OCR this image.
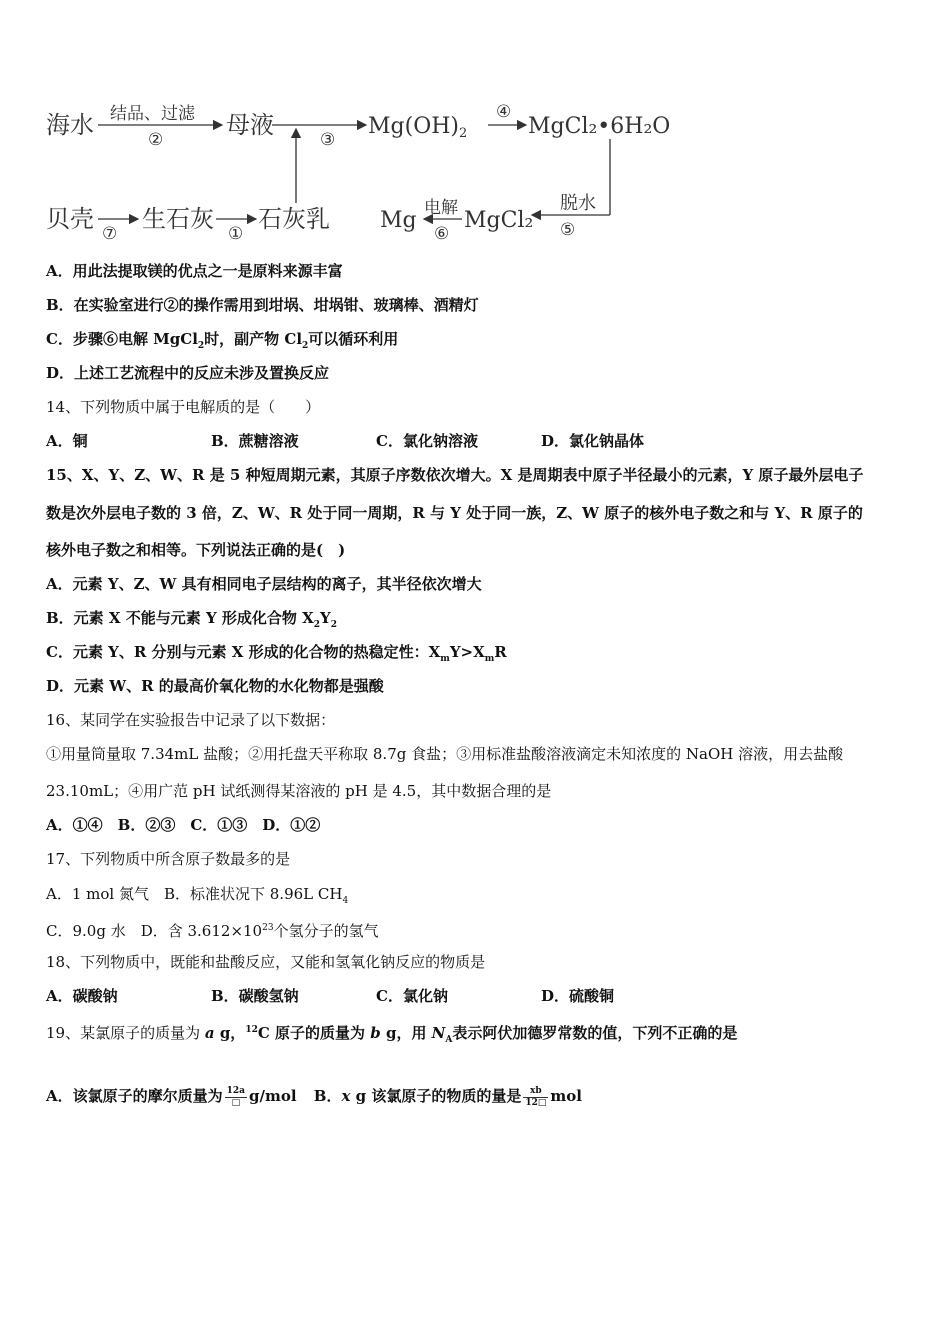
海水 结品、过滤
②
母液
③
Mg(OH)2
④
MgCl₂•6H₂O
脱水
⑤
贝壳
⑦
生石灰
①
石灰乳 Mg 电解
⑥
MgCl₂
A．用此法提取镁的优点之一是原料来源丰富
B．在实验室进行②的操作需用到坩埚、坩埚钳、玻璃棒、酒精灯
C．步骤⑥电解 MgCl$_2$时，副产物 $Cl_2$可以循环利用
D．上述工艺流程中的反应未涉及置换反应
14、下列物质中属于电解质的是（　　）
A．铜	B．蔗糖溶液	C．氯化钠溶液	D．氯化钠晶体
15、X、Y、Z、W、R 是 5 种短周期元素，其原子序数依次增大。X 是周期表中原子半径最小的元素，Y 原子最外层电子
数是次外层电子数的 3 倍，Z、W、R 处于同一周期，R 与 Y 处于同一族，Z、W 原子的核外电子数之和与 Y、R 原子的
核外电子数之和相等。下列说法正确的是(　)
A．元素 Y、Z、W 具有相同电子层结构的离子，其半径依次增大
B．元素 X 不能与元素 Y 形成化合物 $X_2Y_2$
C．元素 Y、R 分别与元素 X 形成的化合物的热稳定性：$X_mY>X_mR$
D．元素 W、R 的最高价氧化物的水化物都是强酸
16、某同学在实验报告中记录了以下数据：
①用量筒量取 7.34mL 盐酸；②用托盘天平称取 8.7g 食盐；③用标准盐酸溶液滴定未知浓度的 NaOH 溶液，用去盐酸
23.10mL；④用广范 pH 试纸测得某溶液的 pH 是 4.5，其中数据合理的是
A．①④　B．②③　C．①③　D．①②
17、下列物质中所含原子数最多的是
A．1 mol 氮气　B．标准状况下 8.96L $CH_4$
C．9.0g 水　D．含 $3.612\times 10^{23}$个氢分子的氢气
18、下列物质中，既能和盐酸反应，又能和氢氧化钠反应的物质是
A．碳酸钠	B．碳酸氢钠	C．氯化钠	D．硫酸铜
19、某氯原子的质量为 a g，$^{12}$C 原子的质量为 b g，用 $N_A$表示阿伏加德罗常数的值，下列不正确的是
A．该氯原子的摩尔质量为 $\frac{12a}{□} g/mol$ B．x g 该氯原子的物质的量是 $\frac{xb}{12□}$ mol
